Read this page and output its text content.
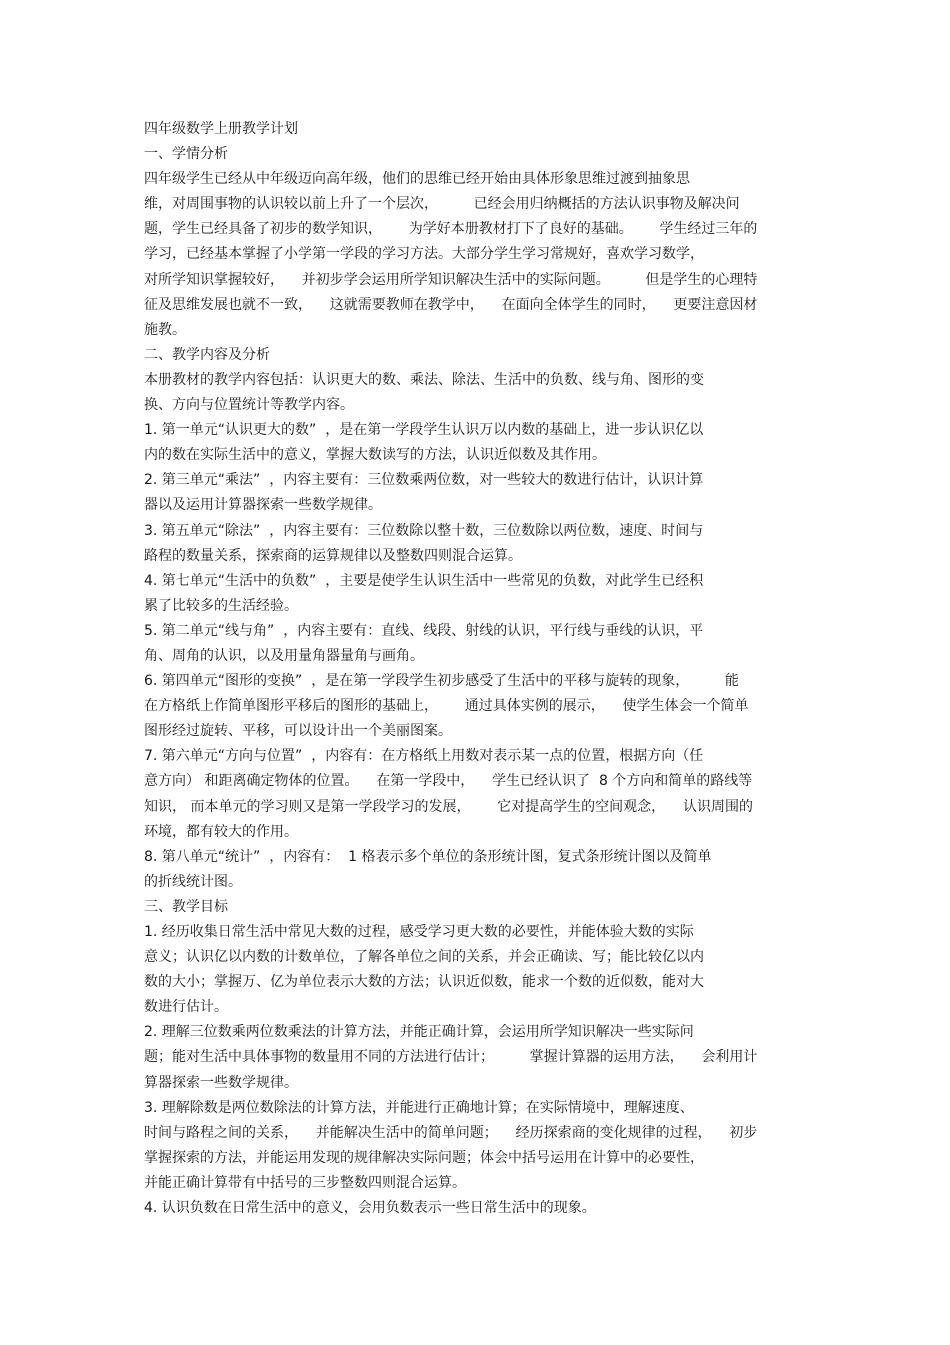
四年级数学上册教学计划
一、学情分析
四年级学生已经从中年级迈向高年级，他们的思维已经开始由具体形象思维过渡到抽象思
维，对周围事物的认识较以前上升了一个层次，        已经会用归纳概括的方法认识事物及解决问
题，学生已经具备了初步的数学知识，      为学好本册教材打下了良好的基础。      学生经过三年的
学习，已经基本掌握了小学第一学段的学习方法。大部分学生学习常规好，喜欢学习数学，
对所学知识掌握较好，    并初步学会运用所学知识解决生活中的实际问题。        但是学生的心理特
征及思维发展也就不一致，    这就需要教师在教学中，    在面向全体学生的同时，    更要注意因材
施教。
二、教学内容及分析
本册教材的教学内容包括：认识更大的数、乘法、除法、生活中的负数、线与角、图形的变
换、方向与位置统计等教学内容。
1. 第一单元“认识更大的数”  ，是在第一学段学生认识万以内数的基础上，进一步认识亿以
内的数在实际生活中的意义，掌握大数读写的方法，认识近似数及其作用。
2. 第三单元“乘法”  ，内容主要有：三位数乘两位数，对一些较大的数进行估计，认识计算
器以及运用计算器探索一些数学规律。
3. 第五单元“除法”  ，内容主要有：三位数除以整十数，三位数除以两位数，速度、时间与
路程的数量关系，探索商的运算规律以及整数四则混合运算。
4. 第七单元“生活中的负数”  ，主要是使学生认识生活中一些常见的负数，对此学生已经积
累了比较多的生活经验。
5. 第二单元“线与角”  ，内容主要有：直线、线段、射线的认识，平行线与垂线的认识，平
角、周角的认识，以及用量角器量角与画角。
6. 第四单元“图形的变换”  ，是在第一学段学生初步感受了生活中的平移与旋转的现象，        能
在方格纸上作简单图形平移后的图形的基础上，      通过具体实例的展示，    使学生体会一个简单
图形经过旋转、平移，可以设计出一个美丽图案。
7. 第六单元“方向与位置”  ，内容有：在方格纸上用数对表示某一点的位置，根据方向（任
意方向） 和距离确定物体的位置。    在第一学段中，    学生已经认识了  8 个方向和简单的路线等
知识， 而本单元的学习则又是第一学段学习的发展，      它对提高学生的空间观念，    认识周围的
环境，都有较大的作用。
8. 第八单元“统计”  ，内容有：  1 格表示多个单位的条形统计图，复式条形统计图以及简单
的折线统计图。
三、教学目标
1. 经历收集日常生活中常见大数的过程，感受学习更大数的必要性，并能体验大数的实际
意义；认识亿以内数的计数单位，了解各单位之间的关系，并会正确读、写；能比较亿以内
数的大小；掌握万、亿为单位表示大数的方法；认识近似数，能求一个数的近似数，能对大
数进行估计。
2. 理解三位数乘两位数乘法的计算方法，并能正确计算，会运用所学知识解决一些实际问
题；能对生活中具体事物的数量用不同的方法进行估计；        掌握计算器的运用方法，    会利用计
算器探索一些数学规律。
3. 理解除数是两位数除法的计算方法，并能进行正确地计算；在实际情境中，理解速度、
时间与路程之间的关系，    并能解决生活中的简单问题；    经历探索商的变化规律的过程，    初步
掌握探索的方法，并能运用发现的规律解决实际问题；体会中括号运用在计算中的必要性，
并能正确计算带有中括号的三步整数四则混合运算。
4. 认识负数在日常生活中的意义，会用负数表示一些日常生活中的现象。
